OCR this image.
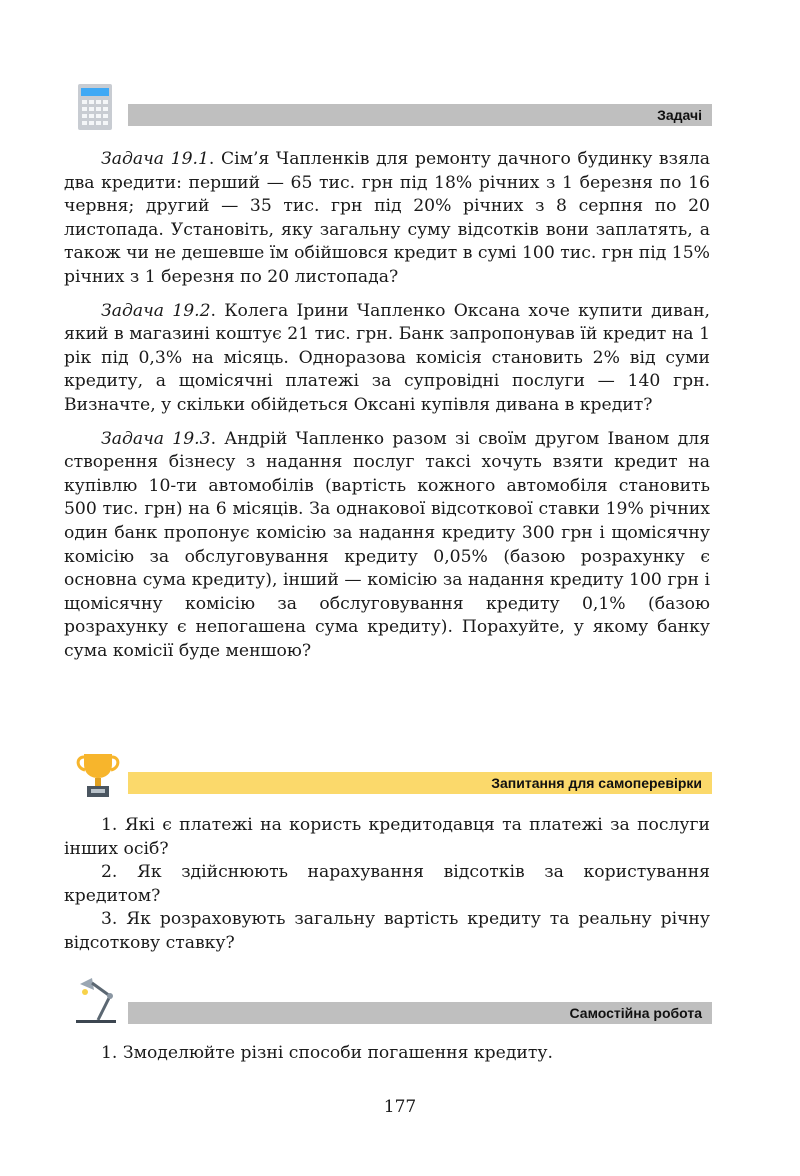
Задачі

Задача 19.1. Сім’я Чапленків для ремонту дачного будинку взяла два кредити: перший — 65 тис. грн під 18% річних з 1 березня по 16 червня; другий — 35 тис. грн під 20% річних з 8 серпня по 20 листопада. Установіть, яку загальну суму відсотків вони заплатять, а також чи не дешевше їм обійшовся кредит в сумі 100 тис. грн під 15% річних з 1 березня по 20 листопада?

Задача 19.2. Колега Ірини Чапленко Оксана хоче купити диван, який в магазині коштує 21 тис. грн. Банк запропонував їй кредит на 1 рік під 0,3% на місяць. Одноразова комісія становить 2% від суми кредиту, а щомісячні платежі за супровідні послуги — 140 грн. Визначте, у скільки обійдеться Оксані купівля дивана в кредит?

Задача 19.3. Андрій Чапленко разом зі своїм другом Іваном для створення бізнесу з надання послуг таксі хочуть взяти кредит на купівлю 10-ти автомобілів (вартість кожного автомобіля становить 500 тис. грн) на 6 місяців. За однакової відсоткової ставки 19% річних один банк пропонує комісію за надання кредиту 300 грн і щомісячну комісію за обслуговування кредиту 0,05% (базою розрахунку є основна сума кредиту), інший — комісію за надання кредиту 100 грн і щомісячну комісію за обслуговування кредиту 0,1% (базою розрахунку є непогашена сума кредиту). Порахуйте, у якому банку сума комісії буде меншою?

Запитання для самоперевірки

1. Які є платежі на користь кредитодавця та платежі за послуги інших осіб?

2. Як здійснюють нарахування відсотків за користування кредитом?

3. Як розраховують загальну вартість кредиту та реальну річну відсоткову ставку?

Самостійна робота

1. Змоделюйте різні способи погашення кредиту.

177
